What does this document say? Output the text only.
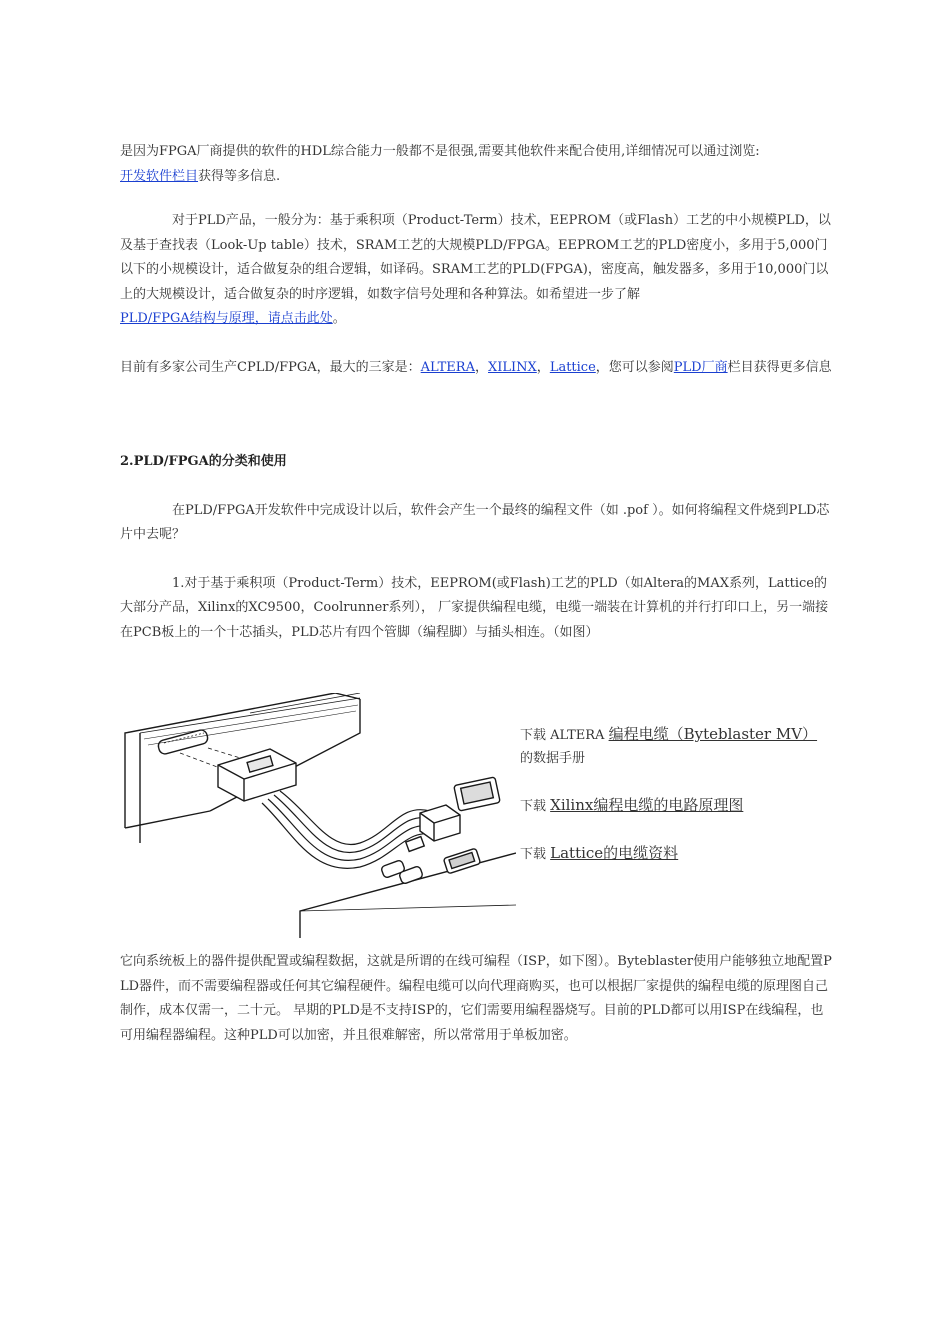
是因为FPGA厂商提供的软件的HDL综合能力一般都不是很强,需要其他软件来配合使用,详细情况可以通过浏览:
开发软件栏目获得等多信息.

对于PLD产品，一般分为：基于乘积项（Product-Term）技术，EEPROM（或Flash）工艺的中小规模PLD，以及基于查找表（Look-Up table）技术，SRAM工艺的大规模PLD/FPGA。EEPROM工艺的PLD密度小，多用于5,000门以下的小规模设计，适合做复杂的组合逻辑，如译码。SRAM工艺的PLD(FPGA)，密度高，触发器多，多用于10,000门以上的大规模设计，适合做复杂的时序逻辑，如数字信号处理和各种算法。如希望进一步了解
PLD/FPGA结构与原理，请点击此处。

目前有多家公司生产CPLD/FPGA，最大的三家是：ALTERA，XILINX，Lattice，您可以参阅PLD厂商栏目获得更多信息

2.PLD/FPGA的分类和使用

在PLD/FPGA开发软件中完成设计以后，软件会产生一个最终的编程文件（如 .pof ）。如何将编程文件烧到PLD芯片中去呢？

1.对于基于乘积项（Product-Term）技术，EEPROM(或Flash)工艺的PLD（如Altera的MAX系列，Lattice的大部分产品，Xilinx的XC9500，Coolrunner系列）， 厂家提供编程电缆，电缆一端装在计算机的并行打印口上，另一端接在PCB板上的一个十芯插头，PLD芯片有四个管脚（编程脚）与插头相连。（如图）

下载 ALTERA 编程电缆（Byteblaster MV）
的数据手册

下载 Xilinx编程电缆的电路原理图

下载 Lattice的电缆资料

它向系统板上的器件提供配置或编程数据，这就是所谓的在线可编程（ISP，如下图）。Byteblaster使用户能够独立地配置PLD器件，而不需要编程器或任何其它编程硬件。编程电缆可以向代理商购买，也可以根据厂家提供的编程电缆的原理图自己制作，成本仅需一，二十元。 早期的PLD是不支持ISP的，它们需要用编程器烧写。目前的PLD都可以用ISP在线编程，也可用编程器编程。这种PLD可以加密，并且很难解密，所以常常用于单板加密。
